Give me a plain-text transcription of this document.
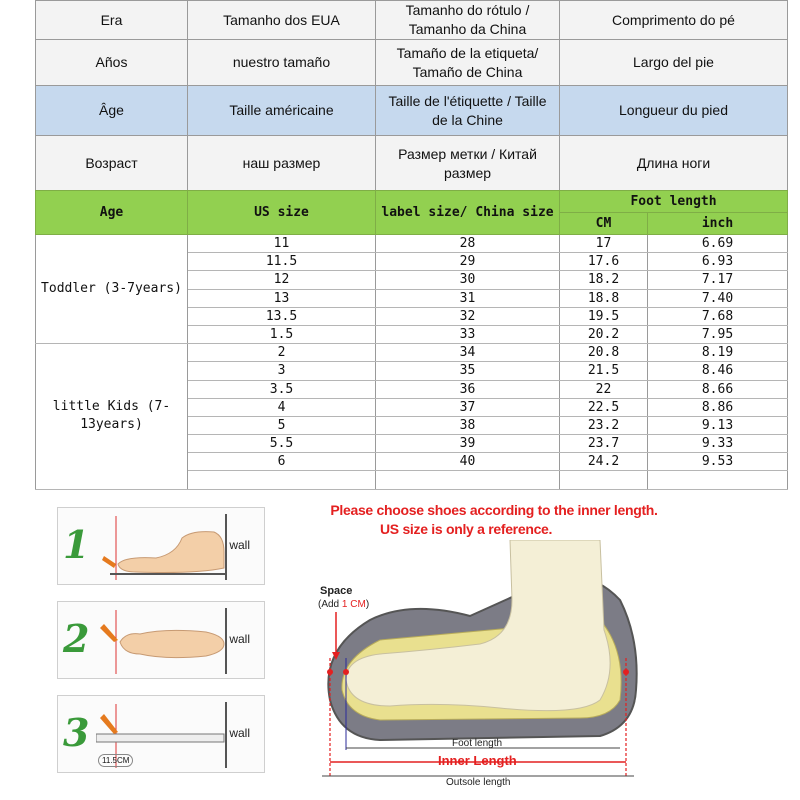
Era	Tamanho dos EUA	Tamanho do rótulo / Tamanho da China	Comprimento do pé
Años	nuestro tamaño	Tamaño de la etiqueta/ Tamaño de China	Largo del pie
Âge	Taille américaine	Taille de l'étiquette / Taille de la Chine	Longueur du pied
Возраст	наш размер	Размер метки / Китай размер	Длина ноги
Age	US size	label size/ China size	Foot length	
			CM	inch
Toddler (3-7years)	11	28	17	6.69
	11.5	29	17.6	6.93
	12	30	18.2	7.17
	13	31	18.8	7.40
	13.5	32	19.5	7.68
	1.5	33	20.2	7.95
little Kids (7-13years)	2	34	20.8	8.19
	3	35	21.5	8.46
	3.5	36	22	8.66
	4	37	22.5	8.86
	5	38	23.2	9.13
	5.5	39	23.7	9.33
	6	40	24.2	9.53

1	wall
2	wall
3	wall
11.5CM
Please choose shoes according to the inner length.
US size is only a reference.
Space
(Add 1 CM)
Foot length
Inner Length
Outsole length
